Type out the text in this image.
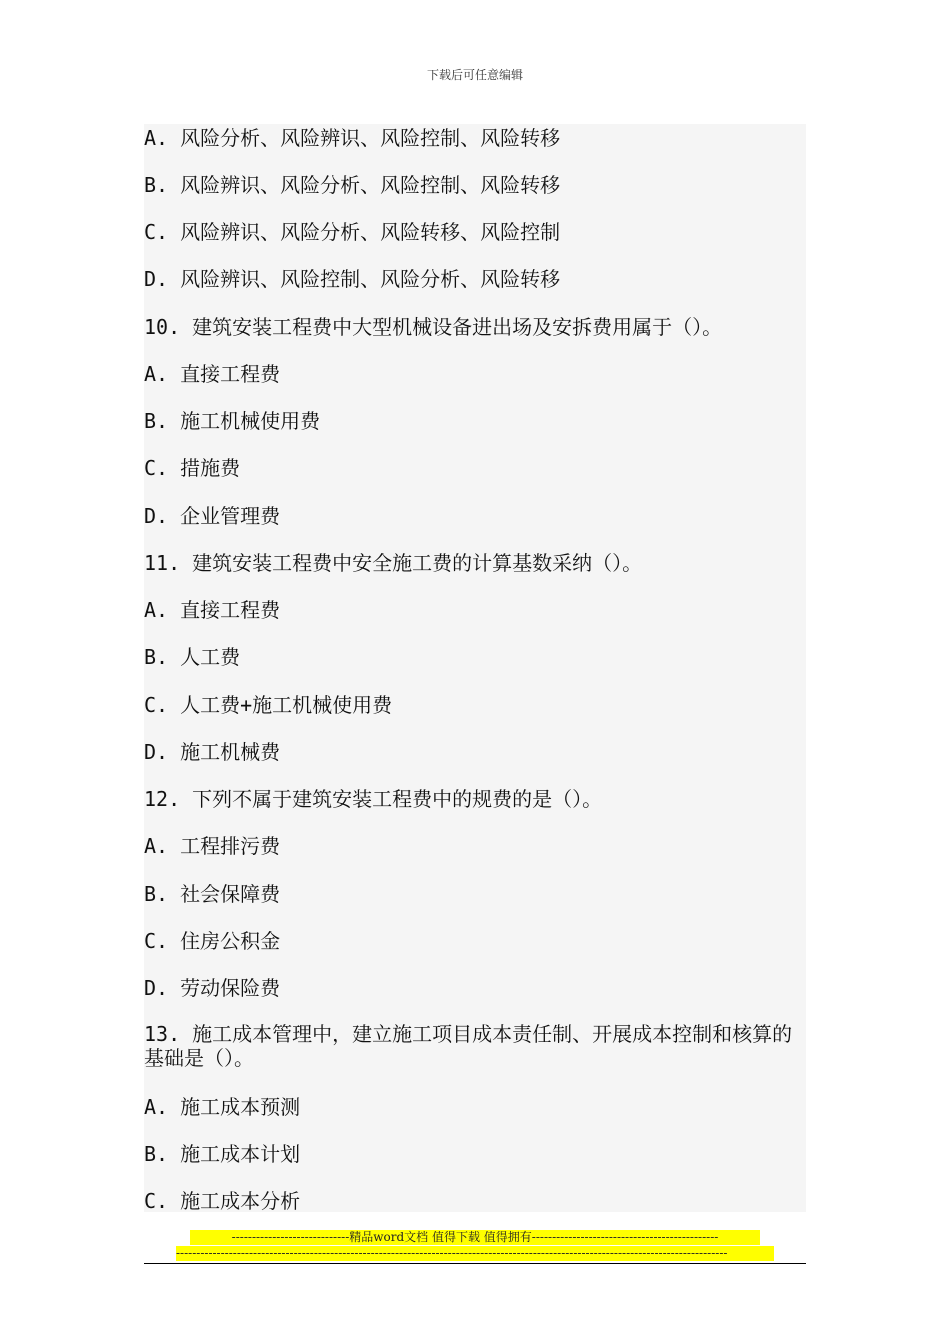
下载后可任意编辑
A. 风险分析、风险辨识、风险控制、风险转移
B. 风险辨识、风险分析、风险控制、风险转移
C. 风险辨识、风险分析、风险转移、风险控制
D. 风险辨识、风险控制、风险分析、风险转移
10. 建筑安装工程费中大型机械设备进出场及安拆费用属于（）。
A. 直接工程费
B. 施工机械使用费
C. 措施费
D. 企业管理费
11. 建筑安装工程费中安全施工费的计算基数采纳（）。
A. 直接工程费
B. 人工费
C. 人工费+施工机械使用费
D. 施工机械费
12. 下列不属于建筑安装工程费中的规费的是（）。
A. 工程排污费
B. 社会保障费
C. 住房公积金
D. 劳动保险费
13. 施工成本管理中，建立施工项目成本责任制、开展成本控制和核算的基础是（）。
A. 施工成本预测
B. 施工成本计划
C. 施工成本分析
-----------------------------精品word文档 值得下载 值得拥有----------------------------------------------
----------------------------------------------------------------------------------------------------------------------------------------
